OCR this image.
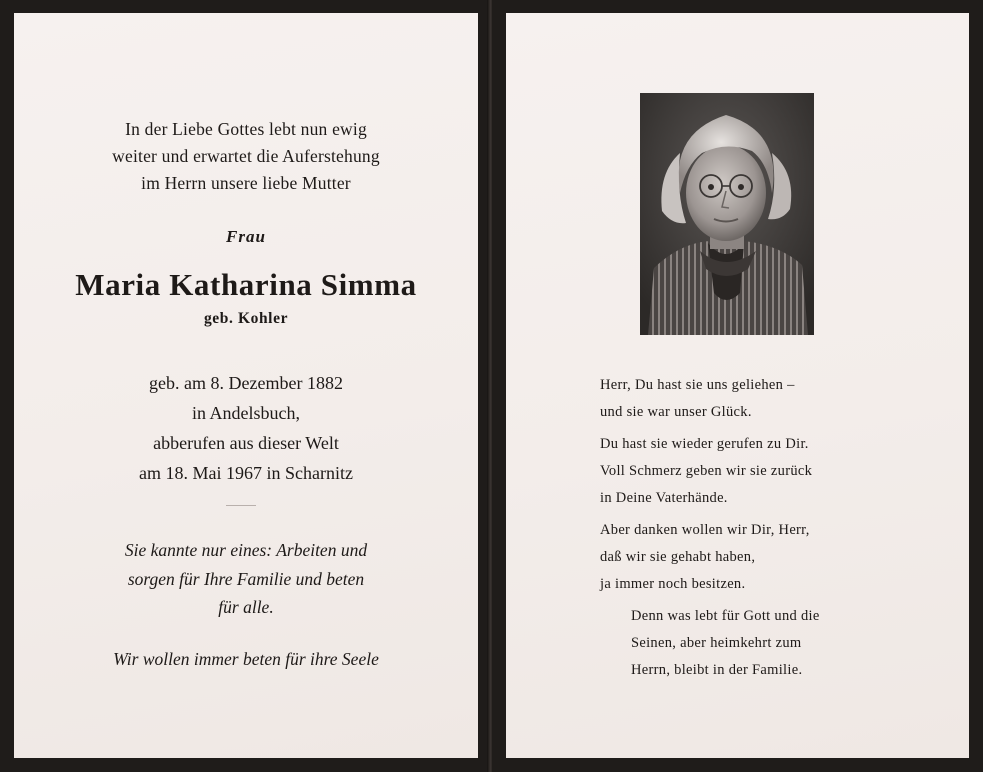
In der Liebe Gottes lebt nun ewig
weiter und erwartet die Auferstehung
im Herrn unsere liebe Mutter
Frau
Maria Katharina Simma
geb. Kohler
geb. am 8. Dezember 1882
in Andelsbuch,
abberufen aus dieser Welt
am 18. Mai 1967 in Scharnitz
Sie kannte nur eines: Arbeiten und
sorgen für Ihre Familie und beten
für alle.
Wir wollen immer beten für ihre Seele
Herr, Du hast sie uns geliehen –
und sie war unser Glück.
Du hast sie wieder gerufen zu Dir.
Voll Schmerz geben wir sie zurück
in Deine Vaterhände.
Aber danken wollen wir Dir, Herr,
daß wir sie gehabt haben,
ja immer noch besitzen.
Denn was lebt für Gott und die
Seinen, aber heimkehrt zum
Herrn, bleibt in der Familie.
